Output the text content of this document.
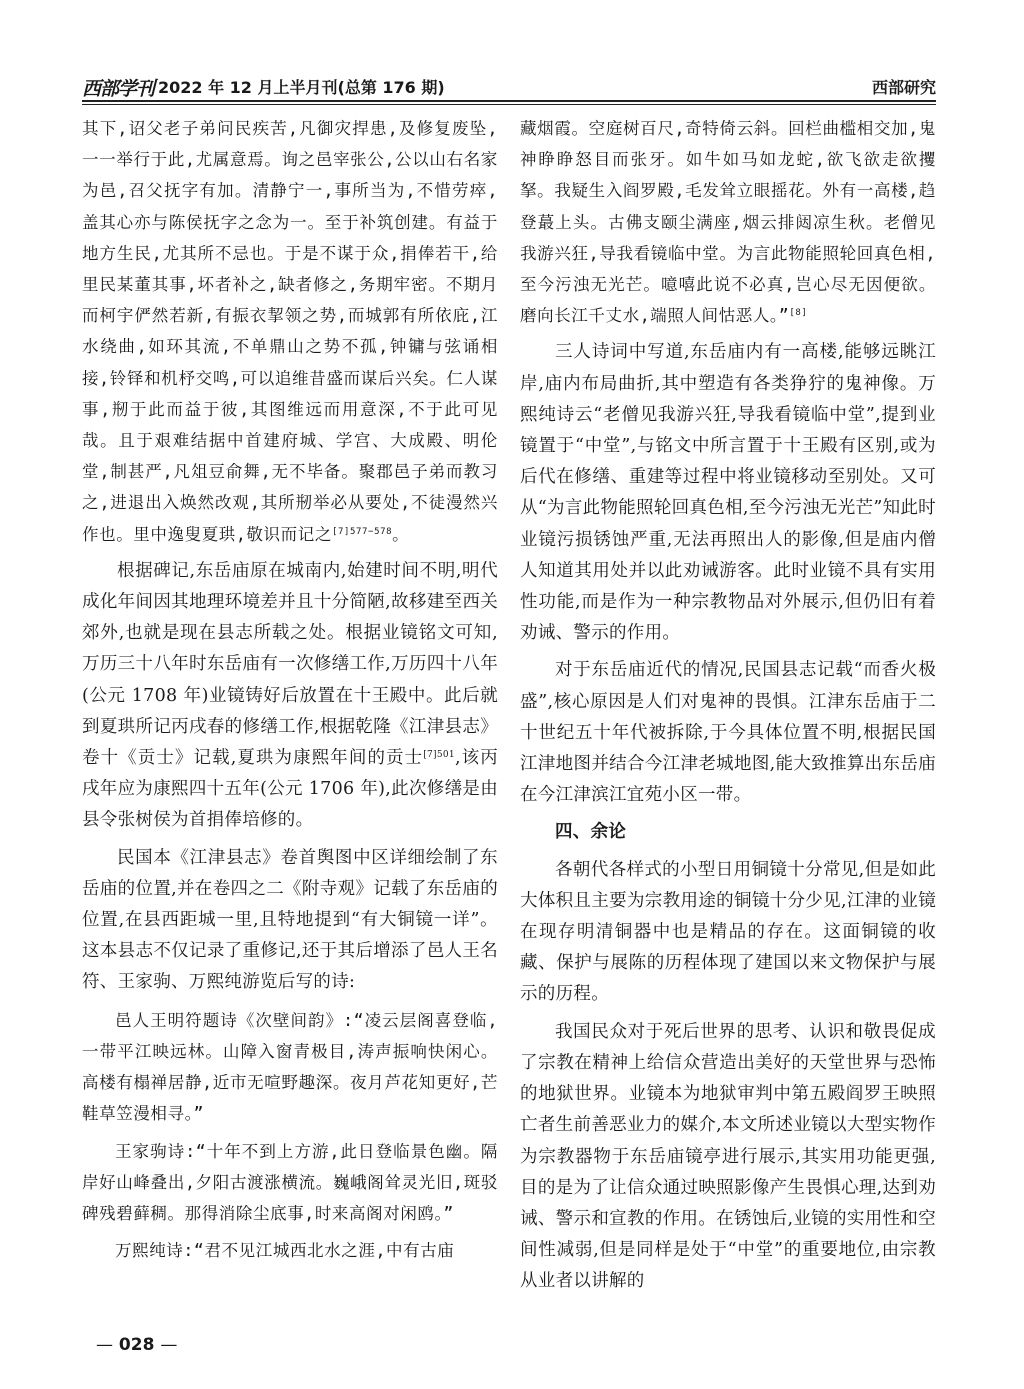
西部学刊 2022 年 12 月上半月刊(总第 176 期)	西部研究

其下,诏父老子弟问民疾苦,凡御灾捍患,及修复废坠,一一举行于此,尤属意焉。询之邑宰张公,公以山右名家为邑,召父抚字有加。清静宁一,事所当为,不惜劳瘁,盖其心亦与陈侯抚字之念为一。至于补筑创建。有益于地方生民,尤其所不忌也。于是不谋于众,捐俸若干,给里民某董其事,坏者补之,缺者修之,务期牢密。不期月而柯宇俨然若新,有振衣挈领之势,而城郭有所依庇,江水绕曲,如环其流,不单鼎山之势不孤,钟镛与弦诵相接,铃铎和机杼交鸣,可以追维昔盛而谋后兴矣。仁人谋事,剏于此而益于彼,其图维远而用意深,不于此可见哉。且于艰难结据中首建府城、学宫、大成殿、明伦堂,制甚严,凡俎豆俞舞,无不毕备。聚郡邑子弟而教习之,进退出入焕然改观,其所剏举必从要处,不徒漫然兴作也。里中逸叟夏珙,敬识而记之$^{[7]577-578}$。

根据碑记,东岳庙原在城南内,始建时间不明,明代成化年间因其地理环境差并且十分简陋,故移建至西关郊外,也就是现在县志所载之处。根据业镜铭文可知,万历三十八年时东岳庙有一次修缮工作,万历四十八年(公元 1708 年)业镜铸好后放置在十王殿中。此后就到夏珙所记丙戌春的修缮工作,根据乾隆《江津县志》卷十《贡士》记载,夏珙为康熙年间的贡士$^{[7]501}$,该丙戌年应为康熙四十五年(公元 1706 年),此次修缮是由县令张树侯为首捐俸培修的。

民国本《江津县志》卷首舆图中区详细绘制了东岳庙的位置,并在卷四之二《附寺观》记载了东岳庙的位置,在县西距城一里,且特地提到“有大铜镜一详”。这本县志不仅记录了重修记,还于其后增添了邑人王名符、王家驹、万熙纯游览后写的诗:

邑人王明符题诗《次壁间韵》:“凌云层阁喜登临,一带平江映远林。山障入窗青极目,涛声振响快闲心。高楼有榻禅居静,近市无喧野趣深。夜月芦花知更好,芒鞋草笠漫相寻。”

王家驹诗:“十年不到上方游,此日登临景色幽。隔岸好山峰叠出,夕阳古渡涨横流。巍峨阁耸灵光旧,斑驳碑残碧藓稠。那得消除尘底事,时来高阁对闲鸥。”

万熙纯诗:“君不见江城西北水之涯,中有古庙

藏烟霞。空庭树百尺,奇特倚云斜。回栏曲槛相交加,鬼神睁睁怒目而张牙。如牛如马如龙蛇,欲飞欲走欲攫拏。我疑生入阎罗殿,毛发耸立眼摇花。外有一高楼,趋登蕞上头。古佛支颐尘满座,烟云排闼凉生秋。老僧见我游兴狂,导我看镜临中堂。为言此物能照轮回真色相,至今污浊无光芒。噫嘻此说不必真,岂心尽无因便欲。磨向长江千丈水,端照人间怙恶人。”[8]

三人诗词中写道,东岳庙内有一高楼,能够远眺江岸,庙内布局曲折,其中塑造有各类狰狞的鬼神像。万熙纯诗云“老僧见我游兴狂,导我看镜临中堂”,提到业镜置于“中堂”,与铭文中所言置于十王殿有区别,或为后代在修缮、重建等过程中将业镜移动至别处。又可从“为言此物能照轮回真色相,至今污浊无光芒”知此时业镜污损锈蚀严重,无法再照出人的影像,但是庙内僧人知道其用处并以此劝诫游客。此时业镜不具有实用性功能,而是作为一种宗教物品对外展示,但仍旧有着劝诫、警示的作用。

对于东岳庙近代的情况,民国县志记载“而香火极盛”,核心原因是人们对鬼神的畏惧。江津东岳庙于二十世纪五十年代被拆除,于今具体位置不明,根据民国江津地图并结合今江津老城地图,能大致推算出东岳庙在今江津滨江宜苑小区一带。

四、余论

各朝代各样式的小型日用铜镜十分常见,但是如此大体积且主要为宗教用途的铜镜十分少见,江津的业镜在现存明清铜器中也是精品的存在。这面铜镜的收藏、保护与展陈的历程体现了建国以来文物保护与展示的历程。

我国民众对于死后世界的思考、认识和敬畏促成了宗教在精神上给信众营造出美好的天堂世界与恐怖的地狱世界。业镜本为地狱审判中第五殿阎罗王映照亡者生前善恶业力的媒介,本文所述业镜以大型实物作为宗教器物于东岳庙镜亭进行展示,其实用功能更强,目的是为了让信众通过映照影像产生畏惧心理,达到劝诫、警示和宣教的作用。在锈蚀后,业镜的实用性和空间性减弱,但是同样是处于“中堂”的重要地位,由宗教从业者以讲解的

— 028 —
